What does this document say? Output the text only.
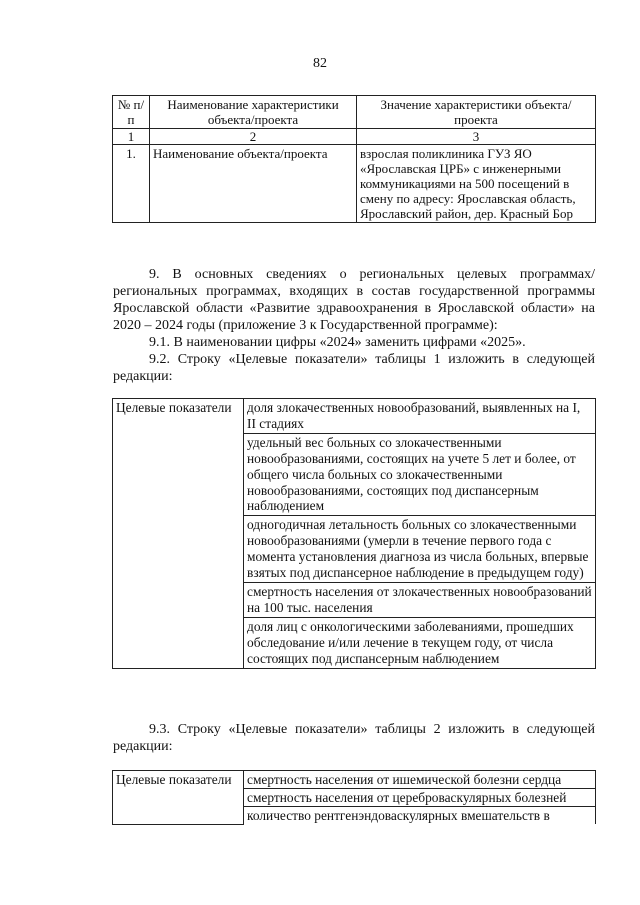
82
№ п/п	Наименование характеристики объекта/проекта	Значение характеристики объекта/проекта
1	2	3
1.	Наименование объекта/проекта	взрослая поликлиника ГУЗ ЯО «Ярославская ЦРБ» с инженерными коммуникациями на 500 посещений в смену по адресу: Ярославская область, Ярославский район, дер. Красный Бор

9. В основных сведениях о региональных целевых программах/ региональных программах, входящих в состав государственной программы Ярославской области «Развитие здравоохранения в Ярославской области» на 2020 – 2024 годы (приложение 3 к Государственной программе):

9.1. В наименовании цифры «2024» заменить цифрами «2025».

9.2. Строку «Целевые показатели» таблицы 1 изложить в следующей редакции:

Целевые показатели	доля злокачественных новообразований, выявленных на I, II стадиях
удельный вес больных со злокачественными новообразованиями, состоящих на учете 5 лет и более, от общего числа больных со злокачественными новообразованиями, состоящих под диспансерным наблюдением
одногодичная летальность больных со злокачественными новообразованиями (умерли в течение первого года с момента установления диагноза из числа больных, впервые взятых под диспансерное наблюдение в предыдущем году)
смертность населения от злокачественных новообразований на 100 тыс. населения
доля лиц с онкологическими заболеваниями, прошедших обследование и/или лечение в текущем году, от числа состоящих под диспансерным наблюдением

9.3. Строку «Целевые показатели» таблицы 2 изложить в следующей редакции:

Целевые показатели	смертность населения от ишемической болезни сердца
смертность населения от цереброваскулярных болезней
количество рентгенэндоваскулярных вмешательств в
